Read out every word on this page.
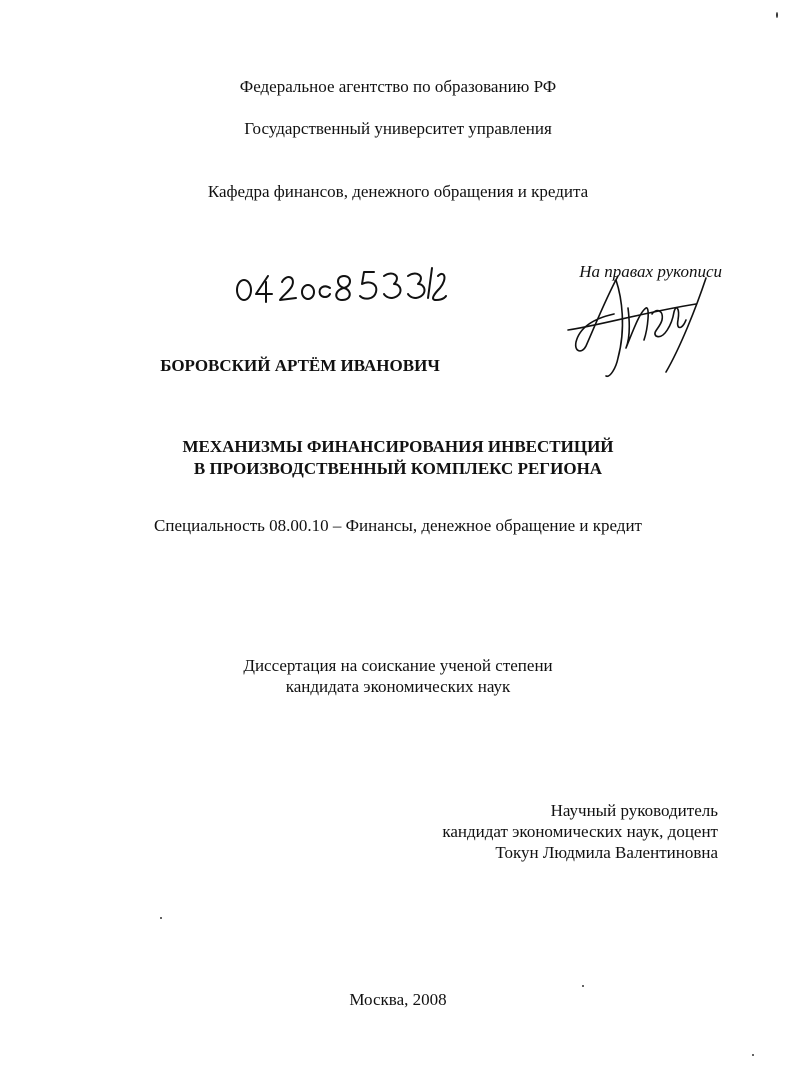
Федеральное агентство по образованию РФ
Государственный университет управления
Кафедра финансов, денежного обращения и кредита
На правах рукописи
БОРОВСКИЙ АРТЁМ ИВАНОВИЧ
МЕХАНИЗМЫ ФИНАНСИРОВАНИЯ ИНВЕСТИЦИЙ
В ПРОИЗВОДСТВЕННЫЙ КОМПЛЕКС РЕГИОНА
Специальность 08.00.10 – Финансы, денежное обращение и кредит
Диссертация на соискание ученой степени
кандидата экономических наук
Научный руководитель
кандидат экономических наук, доцент
Токун Людмила Валентиновна
Москва, 2008
